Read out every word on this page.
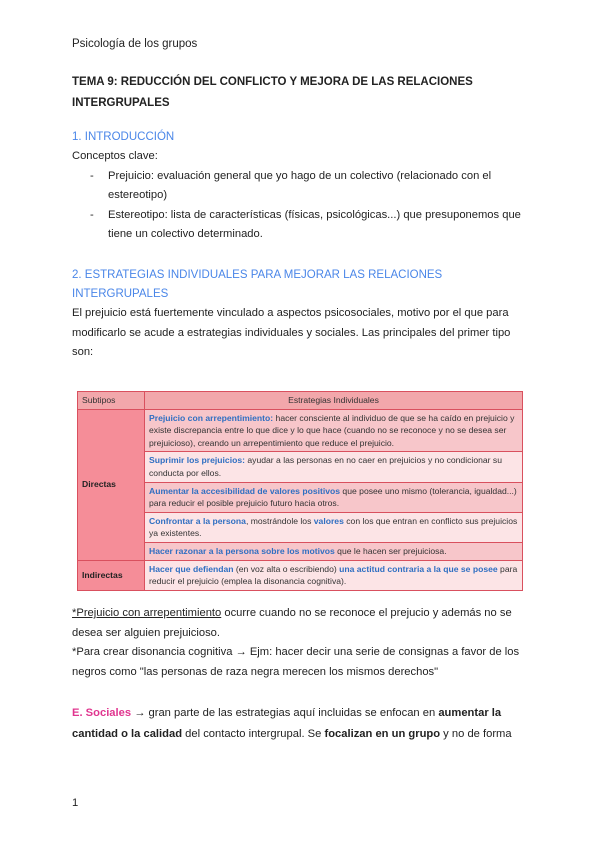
Psicología de los grupos
TEMA 9: REDUCCIÓN DEL CONFLICTO Y MEJORA DE LAS RELACIONES INTERGRUPALES
1. INTRODUCCIÓN

Conceptos clave:

- Prejuicio: evaluación general que yo hago de un colectivo (relacionado con el estereotipo)
- Estereotipo: lista de características (físicas, psicológicas...) que presuponemos que tiene un colectivo determinado.
2. ESTRATEGIAS INDIVIDUALES PARA MEJORAR LAS RELACIONES INTERGRUPALES

El prejuicio está fuertemente vinculado a aspectos psicosociales, motivo por el que para modificarlo se acude a estrategias individuales y sociales. Las principales del primer tipo son:

Subtipos	Estrategias Individuales
Directas	Prejuicio con arrepentimiento: hacer consciente al individuo de que se ha caído en prejuicio y existe discrepancia entre lo que dice y lo que hace (cuando no se reconoce y no se desea ser prejuicioso), creando un arrepentimiento que reduce el prejuicio.
	Suprimir los prejuicios: ayudar a las personas en no caer en prejuicios y no condicionar su conducta por ellos.
	Aumentar la accesibilidad de valores positivos que posee uno mismo (tolerancia, igualdad...) para reducir el posible prejuicio futuro hacia otros.
	Confrontar a la persona, mostrándole los valores con los que entran en conflicto sus prejuicios ya existentes.
	Hacer razonar a la persona sobre los motivos que le hacen ser prejuiciosa.
Indirectas	Hacer que defiendan (en voz alta o escribiendo) una actitud contraria a la que se posee para reducir el prejuicio (emplea la disonancia cognitiva).

*Prejuicio con arrepentimiento ocurre cuando no se reconoce el prejucio y además no se desea ser alguien prejuicioso.

*Para crear disonancia cognitiva → Ejm: hacer decir una serie de consignas a favor de los negros como "las personas de raza negra merecen los mismos derechos"

E. Sociales → gran parte de las estrategias aquí incluidas se enfocan en aumentar la cantidad o la calidad del contacto intergrupal. Se focalizan en un grupo y no de forma

1
